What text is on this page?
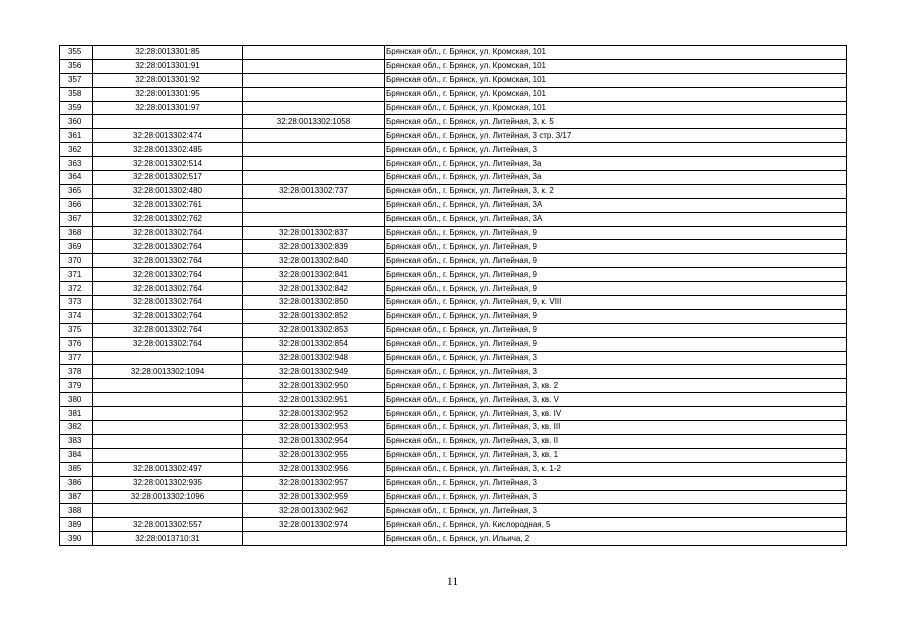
355	32:28:0013301:85		Брянская обл., г. Брянск, ул. Кромская, 101
356	32:28:0013301:91		Брянская обл., г. Брянск, ул. Кромская, 101
357	32:28:0013301:92		Брянская обл., г. Брянск, ул. Кромская, 101
358	32:28:0013301:95		Брянская обл., г. Брянск, ул. Кромская, 101
359	32:28:0013301:97		Брянская обл., г. Брянск, ул. Кромская, 101
360		32:28:0013302:1058	Брянская обл., г. Брянск, ул. Литейная, 3, к. 5
361	32:28:0013302:474		Брянская обл., г. Брянск, ул. Литейная, 3 стр. 3/17
362	32:28:0013302:485		Брянская обл., г. Брянск, ул. Литейная, 3
363	32:28:0013302:514		Брянская обл., г. Брянск, ул. Литейная, 3а
364	32:28:0013302:517		Брянская обл., г. Брянск, ул. Литейная, 3а
365	32:28:0013302:480	32:28:0013302:737	Брянская обл., г. Брянск, ул. Литейная, 3, к. 2
366	32:28:0013302:761		Брянская обл., г. Брянск, ул. Литейная, 3А
367	32:28:0013302:762		Брянская обл., г. Брянск, ул. Литейная, 3А
368	32:28:0013302:764	32:28:0013302:837	Брянская обл., г. Брянск, ул. Литейная, 9
369	32:28:0013302:764	32:28:0013302:839	Брянская обл., г. Брянск, ул. Литейная, 9
370	32:28:0013302:764	32:28:0013302:840	Брянская обл., г. Брянск, ул. Литейная, 9
371	32:28:0013302:764	32:28:0013302:841	Брянская обл., г. Брянск, ул. Литейная, 9
372	32:28:0013302:764	32:28:0013302:842	Брянская обл., г. Брянск, ул. Литейная, 9
373	32:28:0013302:764	32:28:0013302:850	Брянская обл., г. Брянск, ул. Литейная, 9, к. VIII
374	32:28:0013302:764	32:28:0013302:852	Брянская обл., г. Брянск, ул. Литейная, 9
375	32:28:0013302:764	32:28:0013302:853	Брянская обл., г. Брянск, ул. Литейная, 9
376	32:28:0013302:764	32:28:0013302:854	Брянская обл., г. Брянск, ул. Литейная, 9
377		32:28:0013302:948	Брянская обл., г. Брянск, ул. Литейная, 3
378	32:28:0013302:1094	32:28:0013302:949	Брянская обл., г. Брянск, ул. Литейная, 3
379		32:28:0013302:950	Брянская обл., г. Брянск, ул. Литейная, 3, кв. 2
380		32:28:0013302:951	Брянская обл., г. Брянск, ул. Литейная, 3, кв. V
381		32:28:0013302:952	Брянская обл., г. Брянск, ул. Литейная, 3, кв. IV
382		32:28:0013302:953	Брянская обл., г. Брянск, ул. Литейная, 3, кв. III
383		32:28:0013302:954	Брянская обл., г. Брянск, ул. Литейная, 3, кв. II
384		32:28:0013302:955	Брянская обл., г. Брянск, ул. Литейная, 3, кв. 1
385	32:28:0013302:497	32:28:0013302:956	Брянская обл., г. Брянск, ул. Литейная, 3, к. 1-2
386	32:28:0013302:935	32:28:0013302:957	Брянская обл., г. Брянск, ул. Литейная, 3
387	32:28:0013302:1096	32:28:0013302:959	Брянская обл., г. Брянск, ул. Литейная, 3
388		32:28:0013302:962	Брянская обл., г. Брянск, ул. Литейная, 3
389	32:28:0013302:557	32:28:0013302:974	Брянская обл., г. Брянск, ул. Кислородная, 5
390	32:28:0013710:31		Брянская обл., г. Брянск, ул. Ильича, 2
11
